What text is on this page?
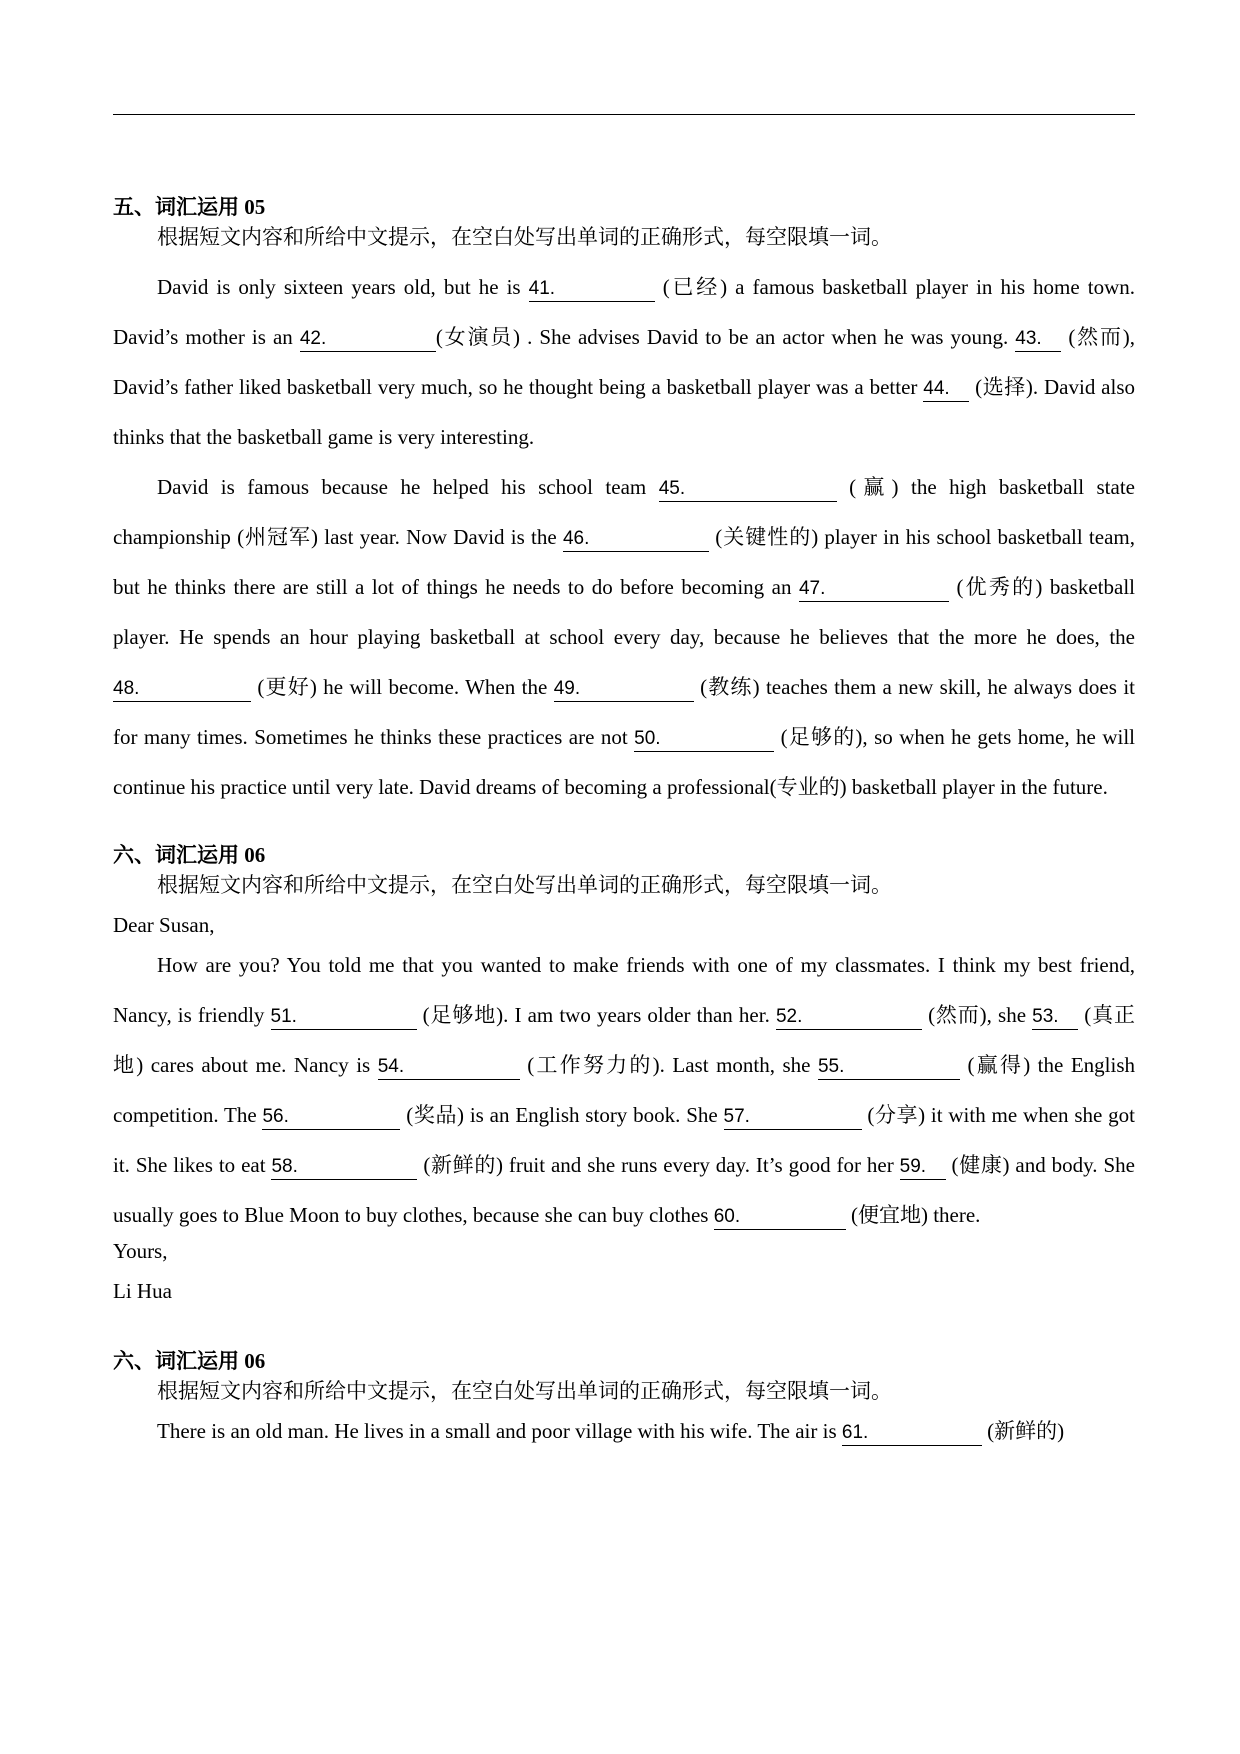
五、词汇运用 05
根据短文内容和所给中文提示，在空白处写出单词的正确形式，每空限填一词。

David is only sixteen years old, but he is 41.	(已经) a famous basketball player in his home town. David’s mother is an 42.	(女演员) . She advises David to be an actor when he was young. 43. (然而), David’s father liked basketball very much, so he thought being a basketball player was a better 44. (选择). David also thinks that the basketball game is very interesting.

David is famous because he helped his school team 45.	(赢) the high basketball state championship (州冠军) last year. Now David is the 46.	(关键性的) player in his school basketball team, but he thinks there are still a lot of things he needs to do before becoming an 47.	(优秀的) basketball player. He spends an hour playing basketball at school every day, because he believes that the more he does, the 48.	(更好) he will become. When the 49.	(教练) teaches them a new skill, he always does it for many times. Sometimes he thinks these practices are not 50.	(足够的), so when he gets home, he will continue his practice until very late. David dreams of becoming a professional(专业的) basketball player in the future.

六、词汇运用 06
根据短文内容和所给中文提示，在空白处写出单词的正确形式，每空限填一词。
Dear Susan,

How are you? You told me that you wanted to make friends with one of my classmates. I think my best friend, Nancy, is friendly 51.	(足够地). I am two years older than her. 52.	(然而), she 53. (真正地) cares about me. Nancy is 54.	(工作努力的). Last month, she 55.	(赢得) the English competition. The 56.	(奖品) is an English story book. She 57.	(分享) it with me when she got it. She likes to eat 58.	(新鲜的) fruit and she runs every day. It’s good for her 59. (健康) and body. She usually goes to Blue Moon to buy clothes, because she can buy clothes 60.	(便宜地) there.

Yours,
Li Hua
六、词汇运用 06
根据短文内容和所给中文提示，在空白处写出单词的正确形式，每空限填一词。

There is an old man. He lives in a small and poor village with his wife. The air is 61.	(新鲜的)
